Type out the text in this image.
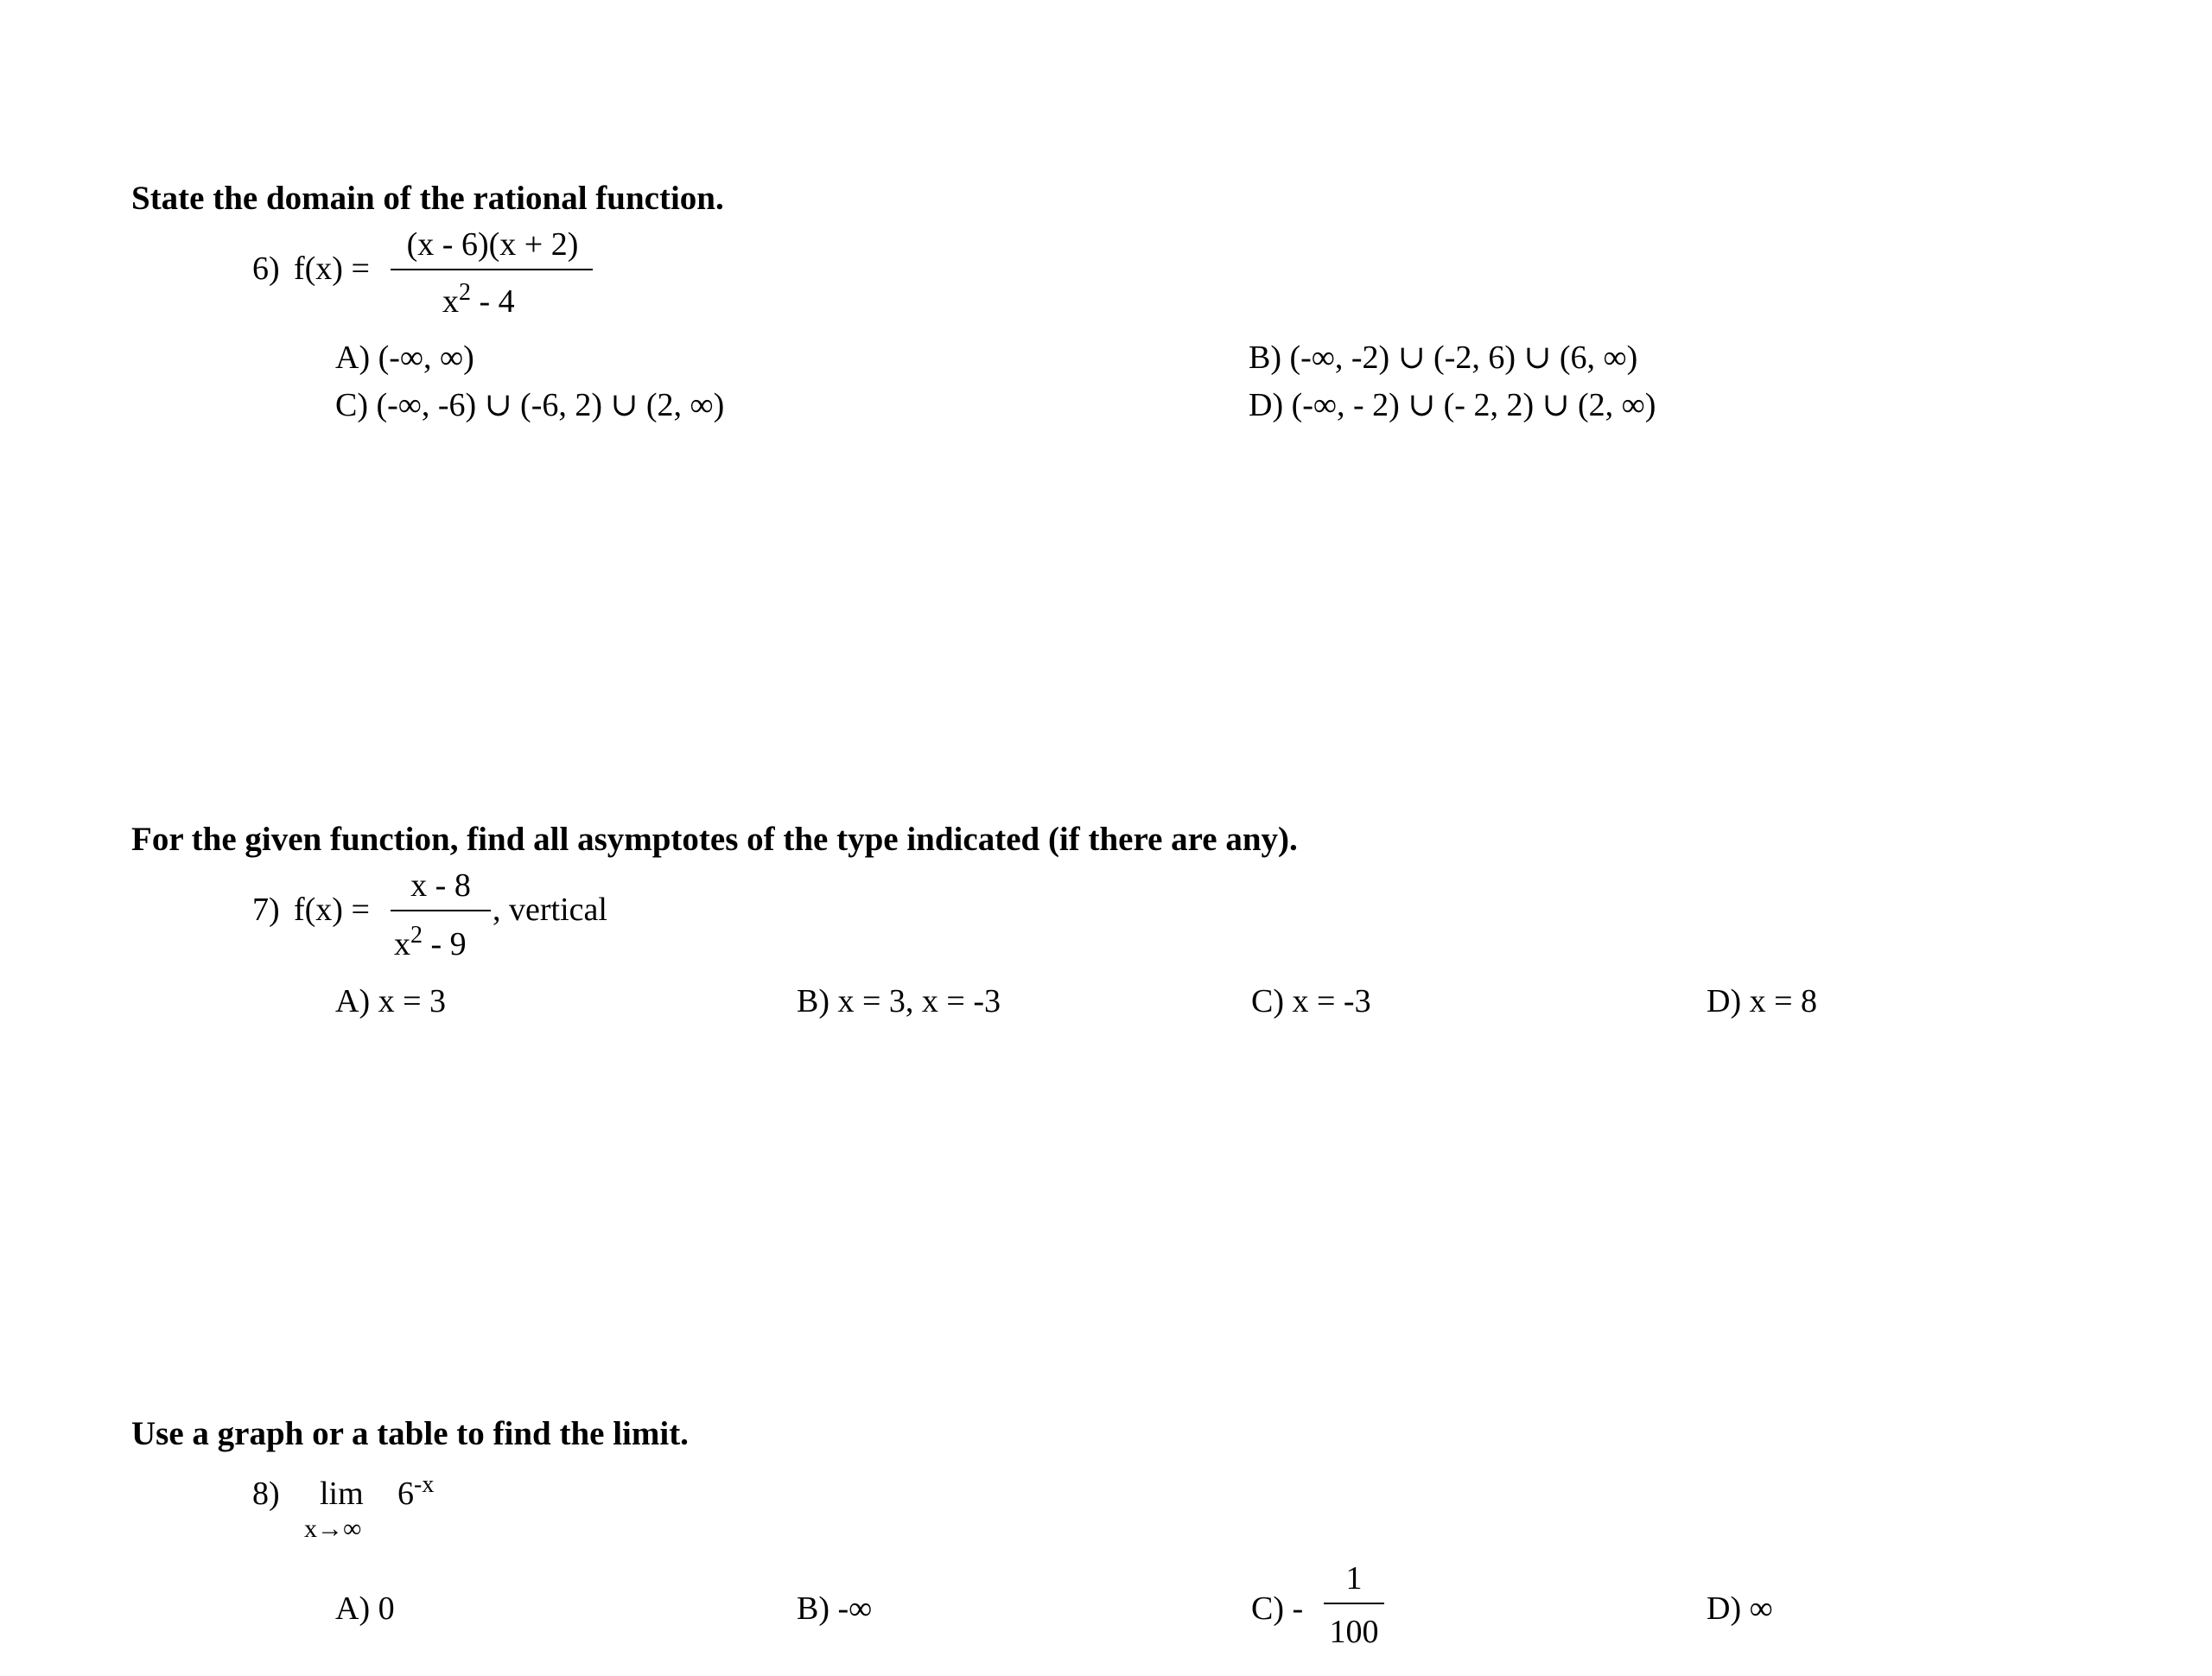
State the domain of the rational function.
6) f(x) =
(x - 6)(x + 2)
$x^2 - 4$
A) (-∞, ∞)	B) (-∞, -2) ∪ (-2, 6) ∪ (6, ∞)
C) (-∞, -6) ∪ (-6, 2) ∪ (2, ∞)	D) (-∞, - 2) ∪ (- 2, 2) ∪ (2, ∞)
For the given function, find all asymptotes of the type indicated (if there are any).
7) f(x) =
x - 8
$x^2 - 9$
, vertical
A) x = 3	B) x = 3, x = -3	C) x = -3	D) x = 8
Use a graph or a table to find the limit.
8) lim
x→∞
$6^{-x}$
A) 0	B) -∞	C) -
1
100
D) ∞
